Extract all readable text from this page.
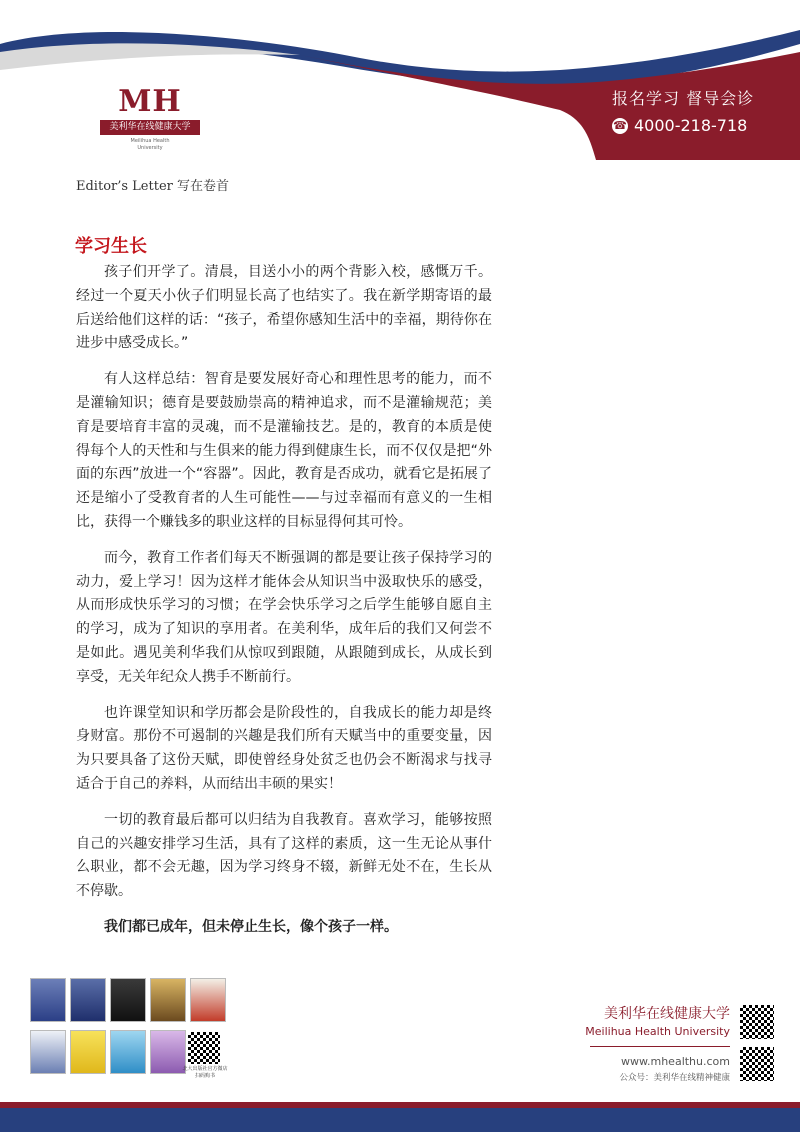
MH
美利华在线健康大学
Meilihua Health University
报名学习 督导会诊
☎ 4000-218-718
Editor’s Letter 写在卷首
学习生长

孩子们开学了。清晨，目送小小的两个背影入校，感慨万千。经过一个夏天小伙子们明显长高了也结实了。我在新学期寄语的最后送给他们这样的话：“孩子，希望你感知生活中的幸福，期待你在进步中感受成长。”

有人这样总结：智育是要发展好奇心和理性思考的能力，而不是灌输知识；德育是要鼓励崇高的精神追求，而不是灌输规范；美育是要培育丰富的灵魂，而不是灌输技艺。是的，教育的本质是使得每个人的天性和与生俱来的能力得到健康生长，而不仅仅是把“外面的东西”放进一个“容器”。因此，教育是否成功，就看它是拓展了还是缩小了受教育者的人生可能性——与过幸福而有意义的一生相比，获得一个赚钱多的职业这样的目标显得何其可怜。

而今，教育工作者们每天不断强调的都是要让孩子保持学习的动力，爱上学习！因为这样才能体会从知识当中汲取快乐的感受，从而形成快乐学习的习惯；在学会快乐学习之后学生能够自愿自主的学习，成为了知识的享用者。在美利华，成年后的我们又何尝不是如此。遇见美利华我们从惊叹到跟随，从跟随到成长，从成长到享受，无关年纪众人携手不断前行。

也许课堂知识和学历都会是阶段性的，自我成长的能力却是终身财富。那份不可遏制的兴趣是我们所有天赋当中的重要变量，因为只要具备了这份天赋，即使曾经身处贫乏也仍会不断渴求与找寻适合于自己的养料，从而结出丰硕的果实！

一切的教育最后都可以归结为自我教育。喜欢学习，能够按照自己的兴趣安排学习生活，具有了这样的素质，这一生无论从事什么职业，都不会无趣，因为学习终身不辍，新鲜无处不在，生长从不停歇。

我们都已成年，但未停止生长，像个孩子一样。

北大出版社官方微店 扫码购书
美利华在线健康大学
Meilihua Health University
www.mhealthu.com
公众号：美利华在线精神健康
